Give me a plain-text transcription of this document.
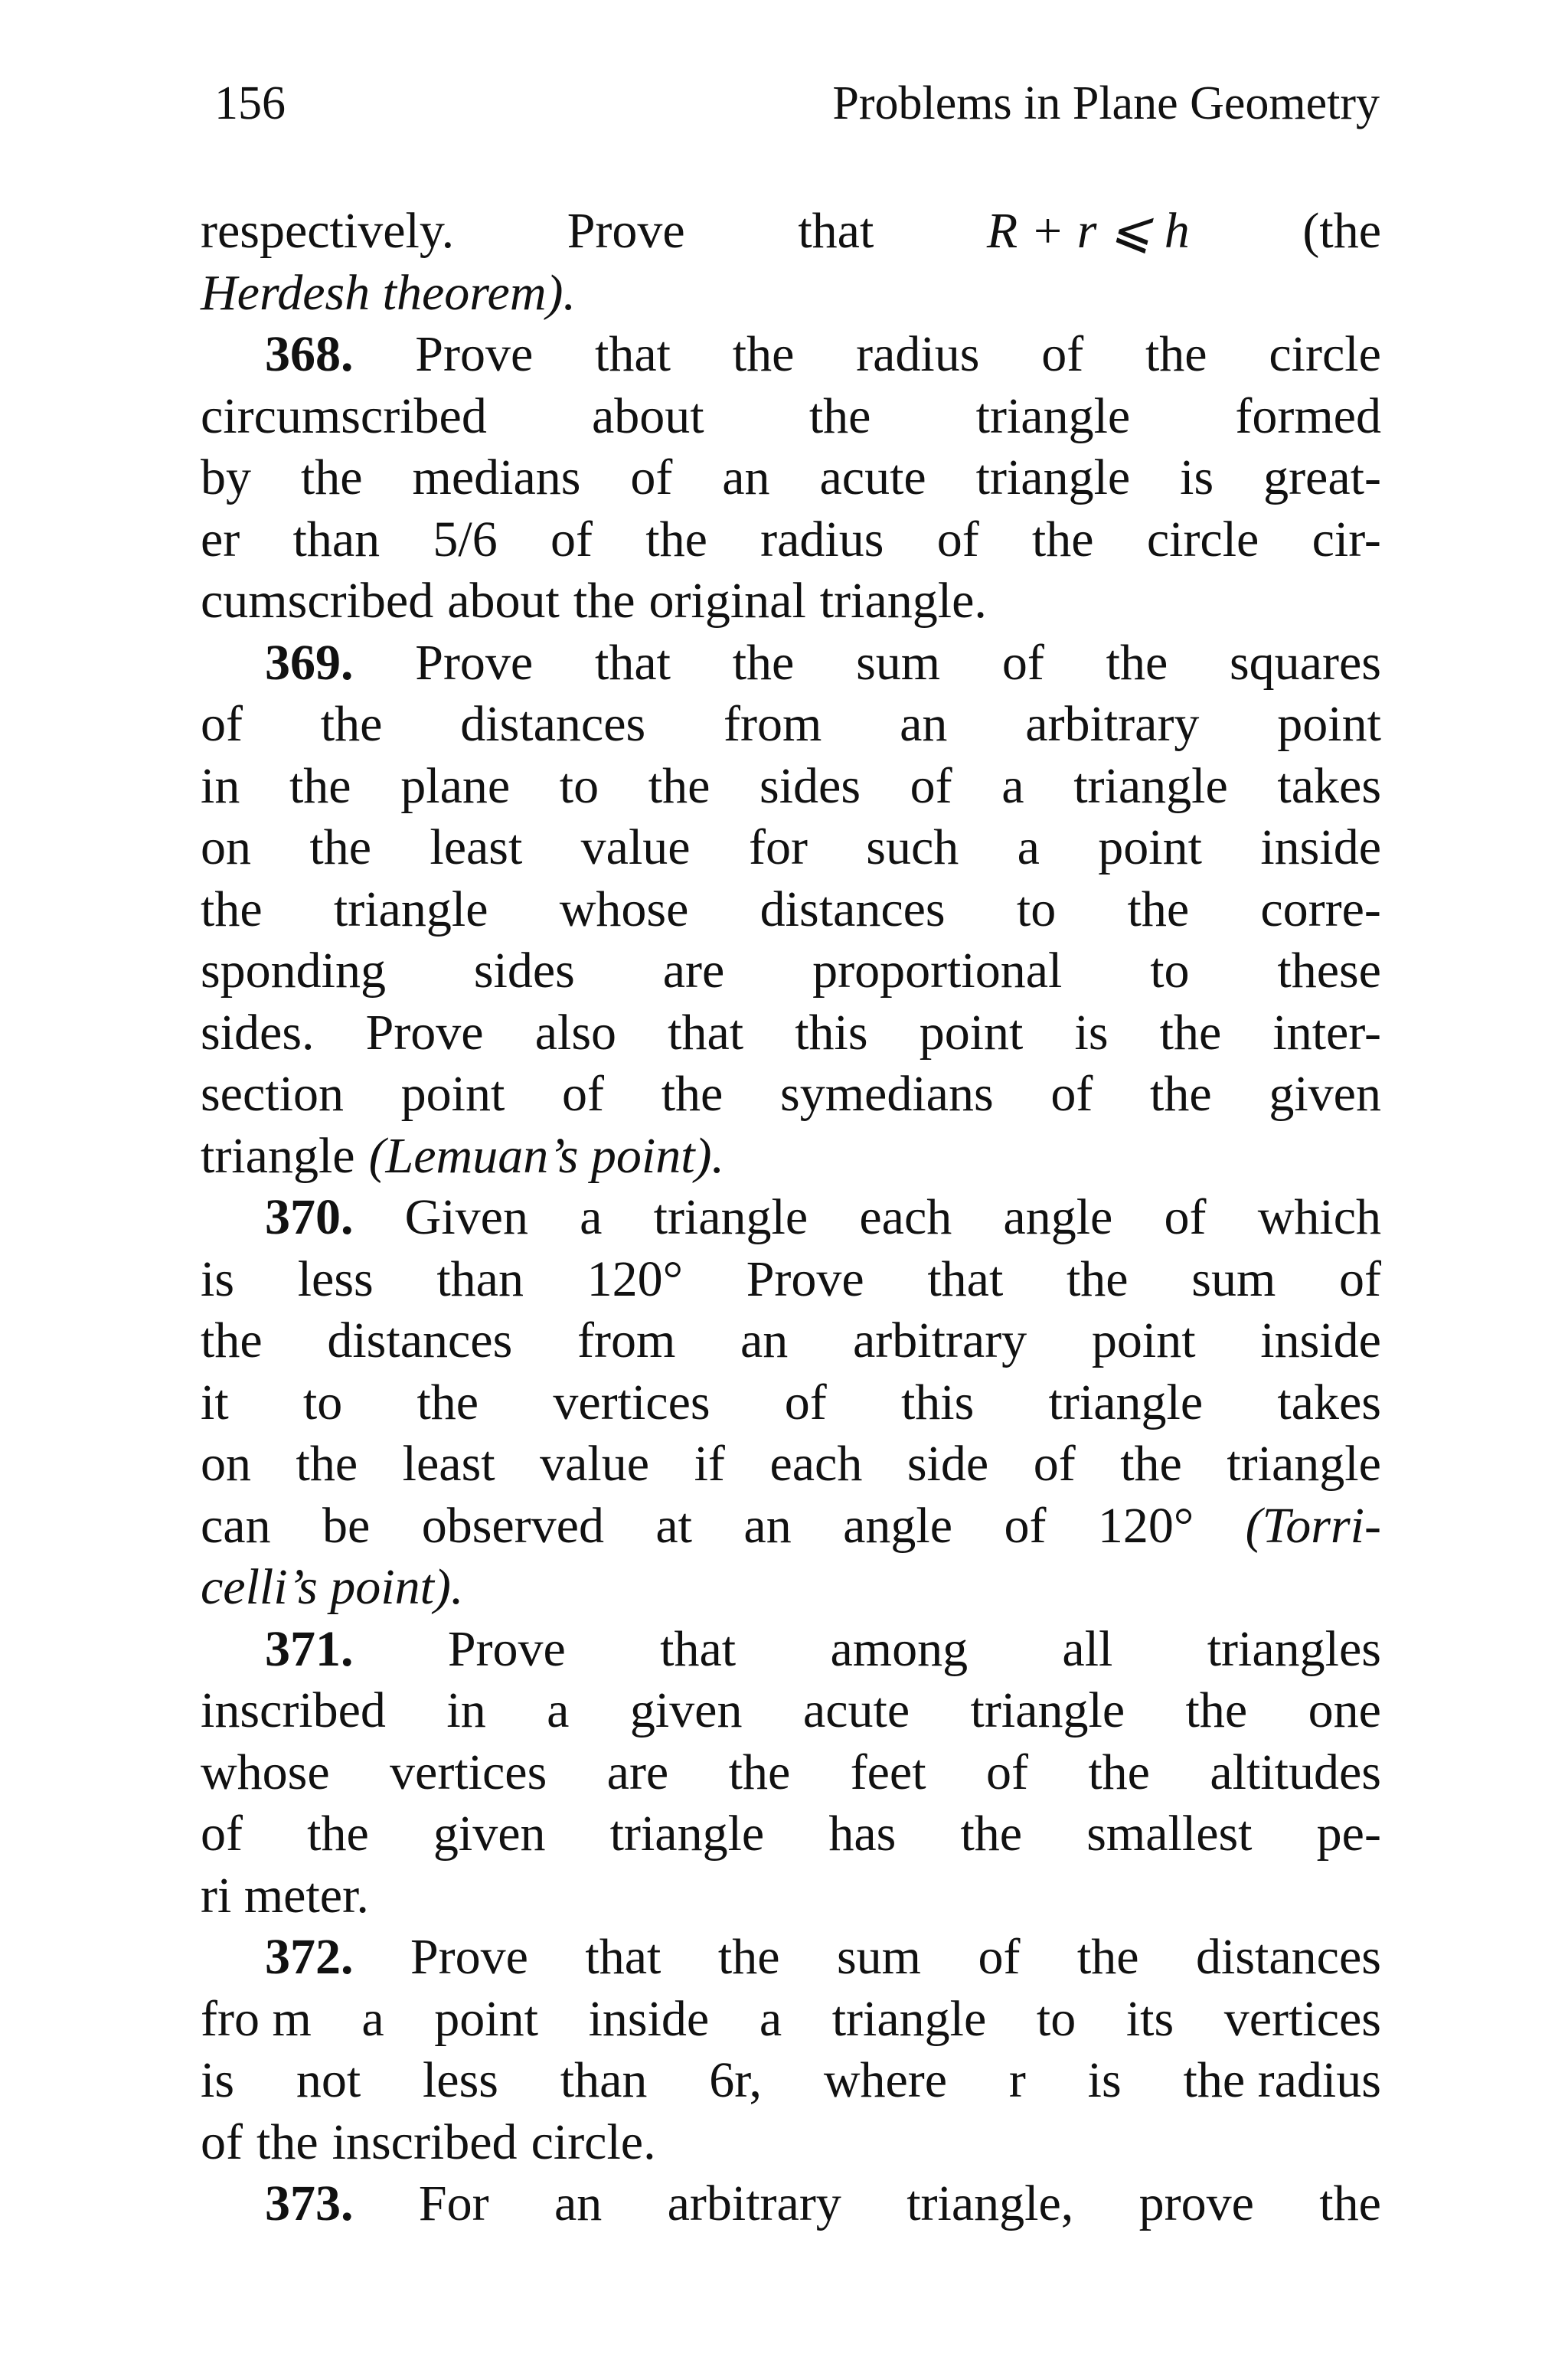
156	Problems in Plane Geometry
respectively. Prove that R + r ⩽ h (the
Herdesh theorem).
368. Prove that the radius of the circle
circumscribed about the triangle formed
by the medians of an acute triangle is great-
er than 5/6 of the radius of the circle cir-
cumscribed about the original triangle.
369. Prove that the sum of the squares
of the distances from an arbitrary point
in the plane to the sides of a triangle takes
on the least value for such a point inside
the triangle whose distances to the corre-
sponding sides are proportional to these
sides. Prove also that this point is the inter-
section point of the symedians of the given
triangle (Lemuan’s point).
370. Given a triangle each angle of which
is less than 120° Prove that the sum of
the distances from an arbitrary point inside
it to the vertices of this triangle takes
on the least value if each side of the triangle
can be observed at an angle of 120° (Torri-
celli’s point).
371. Prove that among all triangles
inscribed in a given acute triangle the one
whose vertices are the feet of the altitudes
of the given triangle has the smallest pe-
ri meter.
372. Prove that the sum of the distances
fro m a point inside a triangle to its vertices
is not less than 6r, where r is the radius
of the inscribed circle.
373. For an arbitrary triangle, prove the
